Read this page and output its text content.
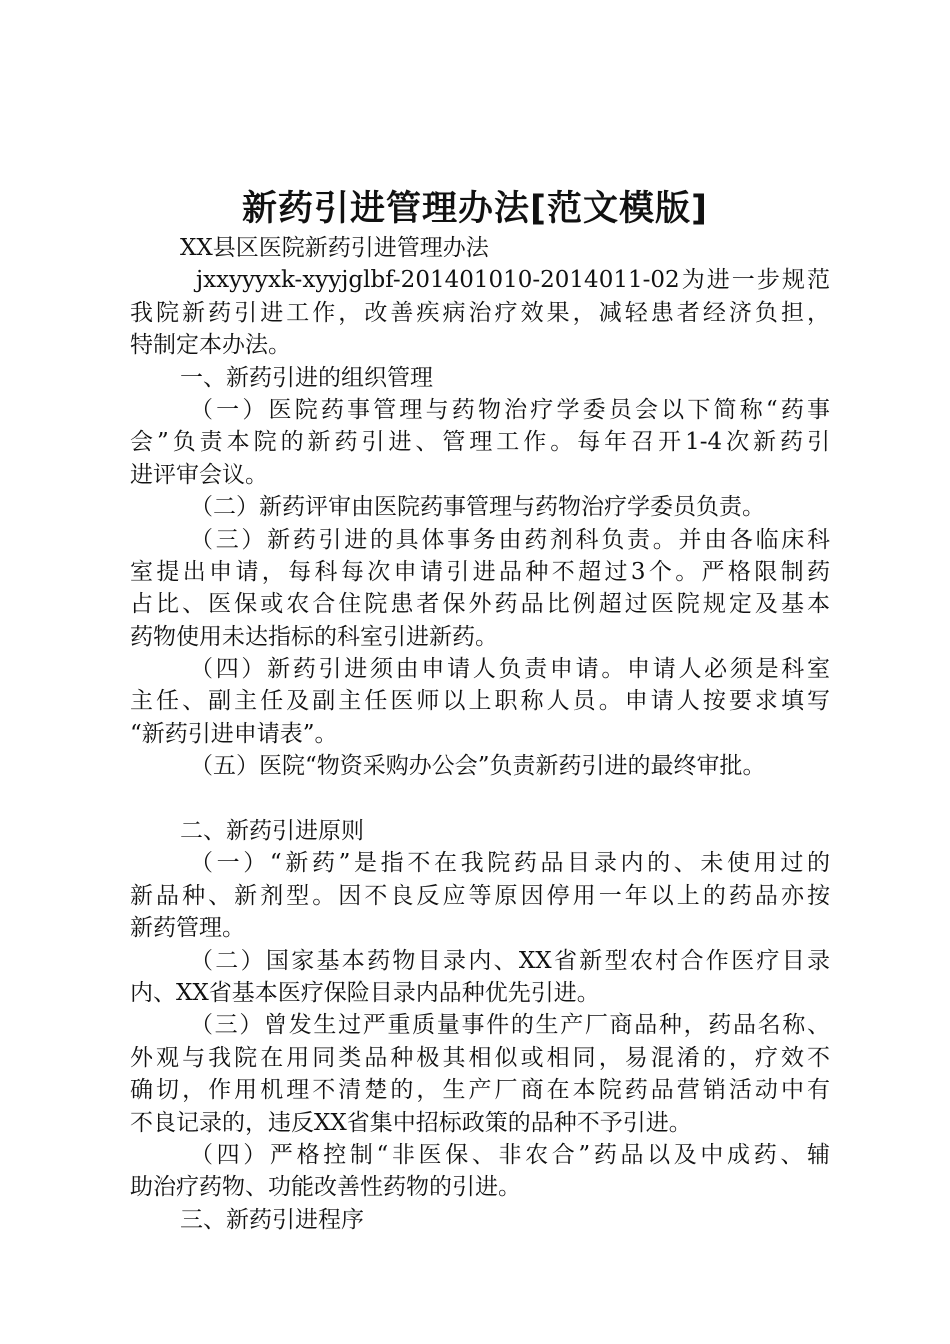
新药引进管理办法[范文模版]
XX县区医院新药引进管理办法
jxxyyyxk-xyyjglbf-201401010-2014011-02为进一步规范
我院新药引进工作，改善疾病治疗效果，减轻患者经济负担，
特制定本办法。
一、新药引进的组织管理
（一）医院药事管理与药物治疗学委员会以下简称“药事
会”负责本院的新药引进、管理工作。每年召开1-4次新药引
进评审会议。
（二）新药评审由医院药事管理与药物治疗学委员负责。
（三）新药引进的具体事务由药剂科负责。并由各临床科
室提出申请，每科每次申请引进品种不超过3个。严格限制药
占比、医保或农合住院患者保外药品比例超过医院规定及基本
药物使用未达指标的科室引进新药。
（四）新药引进须由申请人负责申请。申请人必须是科室
主任、副主任及副主任医师以上职称人员。申请人按要求填写
“新药引进申请表”。
（五）医院“物资采购办公会”负责新药引进的最终审批。
二、新药引进原则
（一）“新药”是指不在我院药品目录内的、未使用过的
新品种、新剂型。因不良反应等原因停用一年以上的药品亦按
新药管理。
（二）国家基本药物目录内、XX省新型农村合作医疗目录
内、XX省基本医疗保险目录内品种优先引进。
（三）曾发生过严重质量事件的生产厂商品种，药品名称、
外观与我院在用同类品种极其相似或相同，易混淆的，疗效不
确切，作用机理不清楚的，生产厂商在本院药品营销活动中有
不良记录的，违反XX省集中招标政策的品种不予引进。
（四）严格控制“非医保、非农合”药品以及中成药、辅
助治疗药物、功能改善性药物的引进。
三、新药引进程序
